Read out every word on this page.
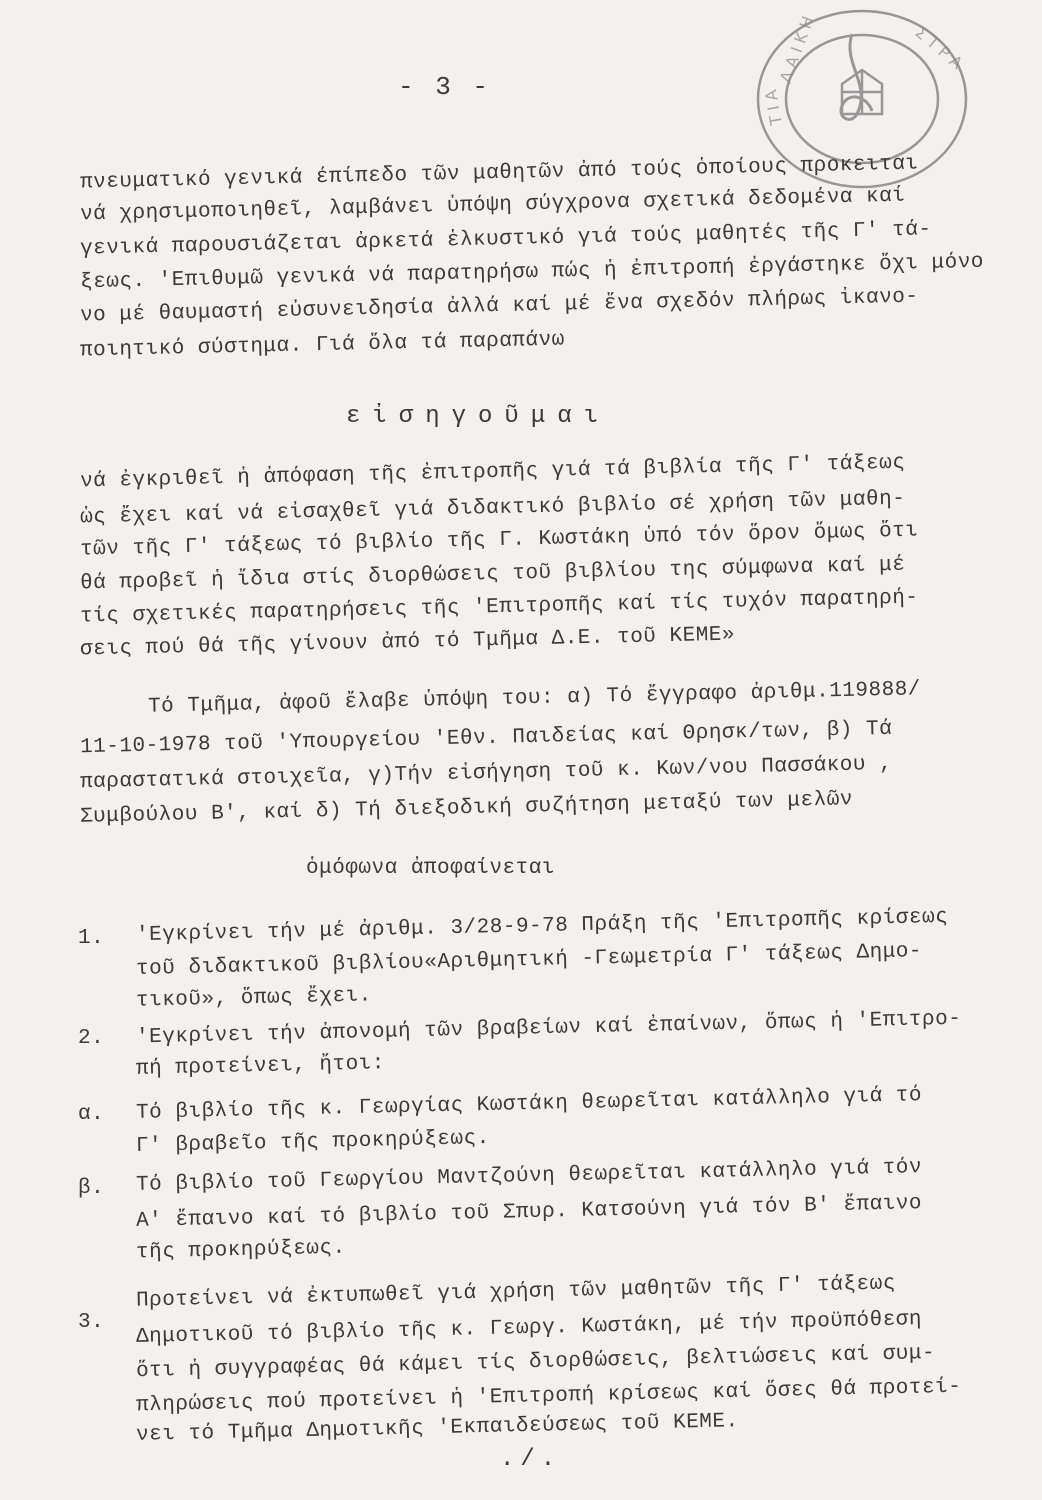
Λ Α Ι Κ Η	Σ Τ Ρ Α
Τ Ι Α
- 3 -
πνευματικό γενικά έπίπεδο τῶν μαθητῶν ἀπό τούς ὁποίους προκειται
νά χρησιμοποιηθεῖ, λαμβάνει ὑπόψη σύγχρονα σχετικά δεδομένα καί
γενικά παρουσιάζεται ἀρκετά ἑλκυστικό γιά τούς μαθητές τῆς Γ' τά-
ξεως. 'Επιθυμῶ γενικά νά παρατηρήσω πώς ἡ ἐπιτροπή ἐργάστηκε ὄχι μόνο
νο μέ θαυμαστή εὐσυνειδησία ἀλλά καί μέ ἕνα σχεδόν πλήρως ἱκανο-
ποιητικό σύστημα. Γιά ὅλα τά παραπάνω
εἰσηγοῦμαι
νά ἐγκριθεῖ ἡ ἀπόφαση τῆς ἐπιτροπῆς γιά τά βιβλία τῆς Γ' τάξεως
ὡς ἔχει καί νά εἰσαχθεῖ γιά διδακτικό βιβλίο σέ χρήση τῶν μαθη-
τῶν τῆς Γ' τάξεως τό βιβλίο τῆς Γ. Κωστάκη ὑπό τόν ὅρον ὅμως ὅτι
θά προβεῖ ἡ ἴδια στίς διορθώσεις τοῦ βιβλίου της σύμφωνα καί μέ
τίς σχετικές παρατηρήσεις τῆς 'Επιτροπῆς καί τίς τυχόν παρατηρή-
σεις πού θά τῆς γίνουν ἀπό τό Τμῆμα Δ.Ε. τοῦ ΚΕΜΕ»
Τό Τμῆμα, ἀφοῦ ἔλαβε ὑπόψη του: α) Τό ἔγγραφο ἀριθμ.119888/
11-10-1978 τοῦ 'Υπουργείου 'Εθν. Παιδείας καί Θρησκ/των, β) Τά
παραστατικά στοιχεῖα, γ)Τήν εἰσήγηση τοῦ κ. Κων/νου Πασσάκου ,
Συμβούλου Β', καί δ) Τή διεξοδική συζήτηση μεταξύ των μελῶν
ὁμόφωνα ἀποφαίνεται
1. 'Εγκρίνει τήν μέ ἀριθμ. 3/28-9-78 Πράξη τῆς 'Επιτροπῆς κρίσεως
τοῦ διδακτικοῦ βιβλίου«Αριθμητική -Γεωμετρία Γ' τάξεως Δημο-
τικοῦ», ὅπως ἔχει.
2. 'Εγκρίνει τήν ἀπονομή τῶν βραβείων καί ἐπαίνων, ὅπως ἡ 'Επιτρο-
πή προτείνει, ἤτοι:
α. Τό βιβλίο τῆς κ. Γεωργίας Κωστάκη θεωρεῖται κατάλληλο γιά τό
Γ' βραβεῖο τῆς προκηρύξεως.
β. Τό βιβλίο τοῦ Γεωργίου Μαντζούνη θεωρεῖται κατάλληλο γιά τόν
Α' ἔπαινο καί τό βιβλίο τοῦ Σπυρ. Κατσούνη γιά τόν Β' ἔπαινο
τῆς προκηρύξεως.
3.
Προτείνει νά ἐκτυπωθεῖ γιά χρήση τῶν μαθητῶν τῆς Γ' τάξεως
Δημοτικοῦ τό βιβλίο τῆς κ. Γεωργ. Κωστάκη, μέ τήν προϋπόθεση
ὅτι ἡ συγγραφέας θά κάμει τίς διορθώσεις, βελτιώσεις καί συμ-
πληρώσεις πού προτείνει ἡ 'Επιτροπή κρίσεως καί ὅσες θά προτεί-
νει τό Τμῆμα Δημοτικῆς 'Εκπαιδεύσεως τοῦ ΚΕΜΕ.
./.
